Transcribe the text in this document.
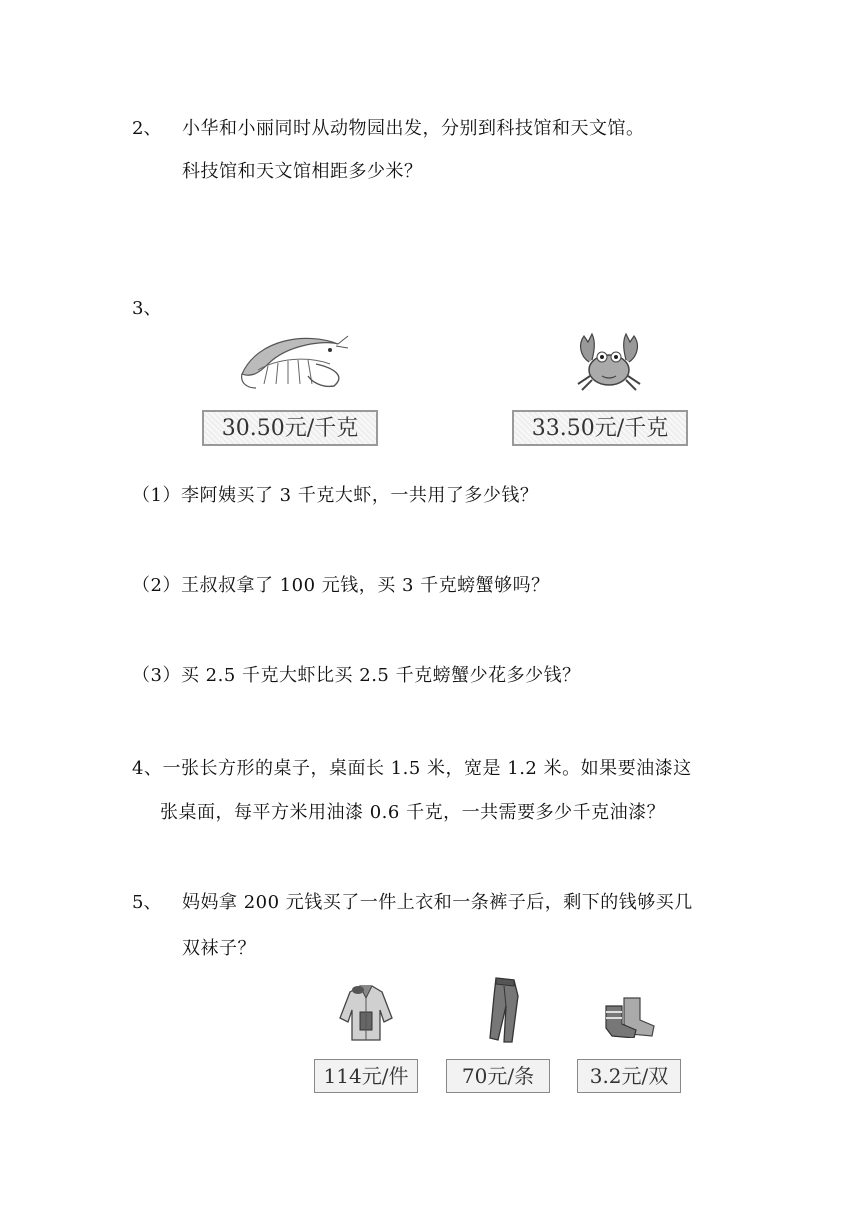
2、 小华和小丽同时从动物园出发，分别到科技馆和天文馆。
科技馆和天文馆相距多少米？
3、
30.50元/千克	33.50元/千克
（1）李阿姨买了 3 千克大虾，一共用了多少钱？
（2）王叔叔拿了 100 元钱，买 3 千克螃蟹够吗？
（3）买 2.5 千克大虾比买 2.5 千克螃蟹少花多少钱？
4、一张长方形的桌子，桌面长 1.5 米，宽是 1.2 米。如果要油漆这
张桌面，每平方米用油漆 0.6 千克，一共需要多少千克油漆？
5、 妈妈拿 200 元钱买了一件上衣和一条裤子后，剩下的钱够买几
双袜子？
114元/件	70元/条	3.2元/双
